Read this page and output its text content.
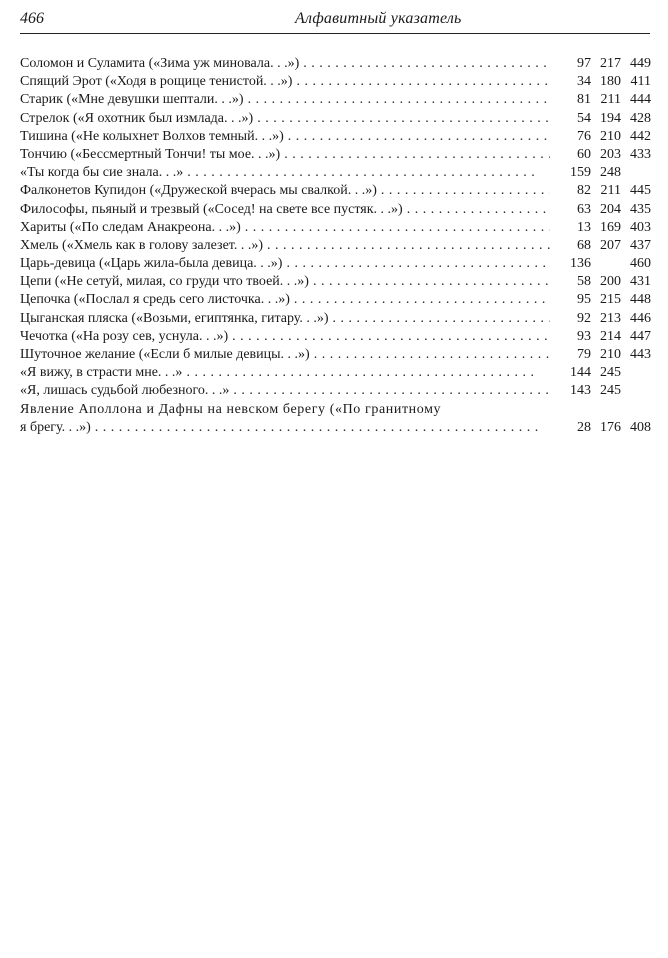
466	Алфавитный указатель
Соломон и Суламита («Зима уж миновала. . .») . .	97 217 449
Спящий Эрот («Ходя в рощице тенистой. . .») . .	34 180 411
Старик («Мне девушки шептали. . .») . .	81 211 444
Стрелок («Я охотник был измлада. . .») . .	54 194 428
Тишина («Не колыхнет Волхов темный. . .») . .	76 210 442
Тончию («Бессмертный Тончи! ты мое. . .») . .	60 203 433
«Ты когда бы сие знала. . .» . .	159 248
Фалконетов Купидон («Дружеской вчерась мы свалкой. . .») . .	82 211 445
Философы, пьяный и трезвый («Сосед! на свете все пустяк. . .») . .	63 204 435
Хариты («По следам Анакреона. . .») . .	13 169 403
Хмель («Хмель как в голову залезет. . .») . .	68 207 437
Царь-девица («Царь жила-была девица. . .») . .	136	460
Цепи («Не сетуй, милая, со груди что твоей. . .») . .	58 200 431
Цепочка («Послал я средь сего листочка. . .») . .	95 215 448
Цыганская пляска («Возьми, египтянка, гитару. . .») . .	92 213 446
Чечотка («На розу сев, уснула. . .») . .	93 214 447
Шуточное желание («Если б милые девицы. . .») . .	79 210 443
«Я вижу, в страсти мне. . .» . .	144 245
«Я, лишась судьбой любезного. . .» . .	143 245
Явление Аполлона и Дафны на невском берегу («По гранитному
я брегу. . .») . .	28 176 408
